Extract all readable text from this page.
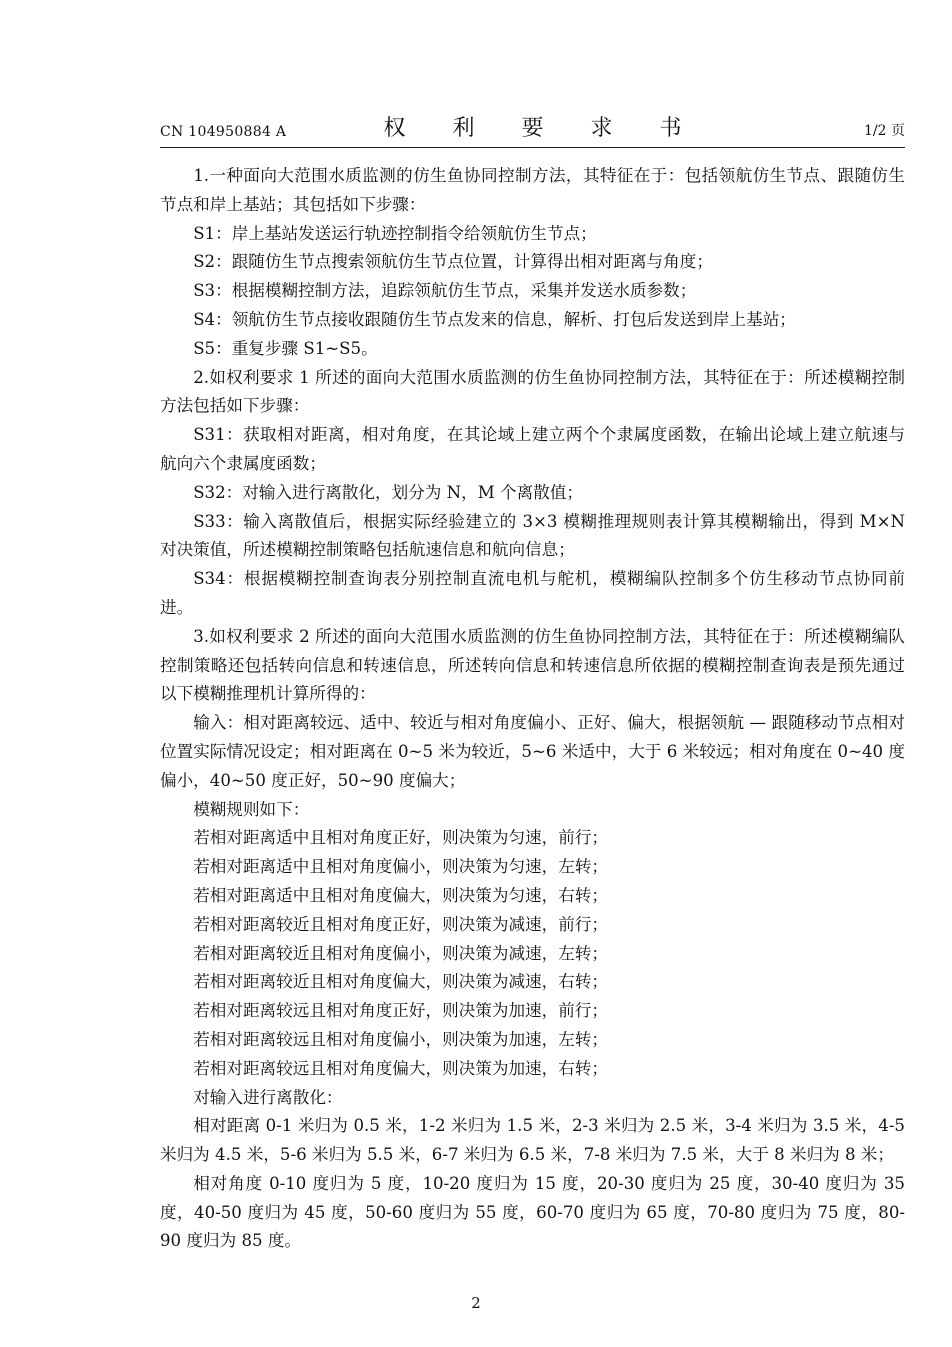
CN 104950884 A	权 利 要 求 书	1/2 页

1.一种面向大范围水质监测的仿生鱼协同控制方法，其特征在于：包括领航仿生节点、跟随仿生节点和岸上基站；其包括如下步骤：

S1：岸上基站发送运行轨迹控制指令给领航仿生节点；

S2：跟随仿生节点搜索领航仿生节点位置，计算得出相对距离与角度；

S3：根据模糊控制方法，追踪领航仿生节点，采集并发送水质参数；

S4：领航仿生节点接收跟随仿生节点发来的信息，解析、打包后发送到岸上基站；

S5：重复步骤 S1~S5。

2.如权利要求 1 所述的面向大范围水质监测的仿生鱼协同控制方法，其特征在于：所述模糊控制方法包括如下步骤：

S31：获取相对距离，相对角度，在其论域上建立两个个隶属度函数，在输出论域上建立航速与航向六个隶属度函数；

S32：对输入进行离散化，划分为 N，M 个离散值；

S33：输入离散值后，根据实际经验建立的 3×3 模糊推理规则表计算其模糊输出，得到 M×N 对决策值，所述模糊控制策略包括航速信息和航向信息；

S34：根据模糊控制查询表分别控制直流电机与舵机，模糊编队控制多个仿生移动节点协同前进。

3.如权利要求 2 所述的面向大范围水质监测的仿生鱼协同控制方法，其特征在于：所述模糊编队控制策略还包括转向信息和转速信息，所述转向信息和转速信息所依据的模糊控制查询表是预先通过以下模糊推理机计算所得的：

输入：相对距离较远、适中、较近与相对角度偏小、正好、偏大，根据领航 — 跟随移动节点相对位置实际情况设定；相对距离在 0~5 米为较近，5~6 米适中，大于 6 米较远；相对角度在 0~40 度偏小，40~50 度正好，50~90 度偏大；

模糊规则如下：

若相对距离适中且相对角度正好，则决策为匀速，前行；

若相对距离适中且相对角度偏小，则决策为匀速，左转；

若相对距离适中且相对角度偏大，则决策为匀速，右转；

若相对距离较近且相对角度正好，则决策为减速，前行；

若相对距离较近且相对角度偏小，则决策为减速，左转；

若相对距离较近且相对角度偏大，则决策为减速，右转；

若相对距离较远且相对角度正好，则决策为加速，前行；

若相对距离较远且相对角度偏小，则决策为加速，左转；

若相对距离较远且相对角度偏大，则决策为加速，右转；

对输入进行离散化：

相对距离 0-1 米归为 0.5 米，1-2 米归为 1.5 米，2-3 米归为 2.5 米，3-4 米归为 3.5 米，4-5 米归为 4.5 米，5-6 米归为 5.5 米，6-7 米归为 6.5 米，7-8 米归为 7.5 米，大于 8 米归为 8 米；

相对角度 0-10 度归为 5 度，10-20 度归为 15 度，20-30 度归为 25 度，30-40 度归为 35 度，40-50 度归为 45 度，50-60 度归为 55 度，60-70 度归为 65 度，70-80 度归为 75 度，80-90 度归为 85 度。

2
